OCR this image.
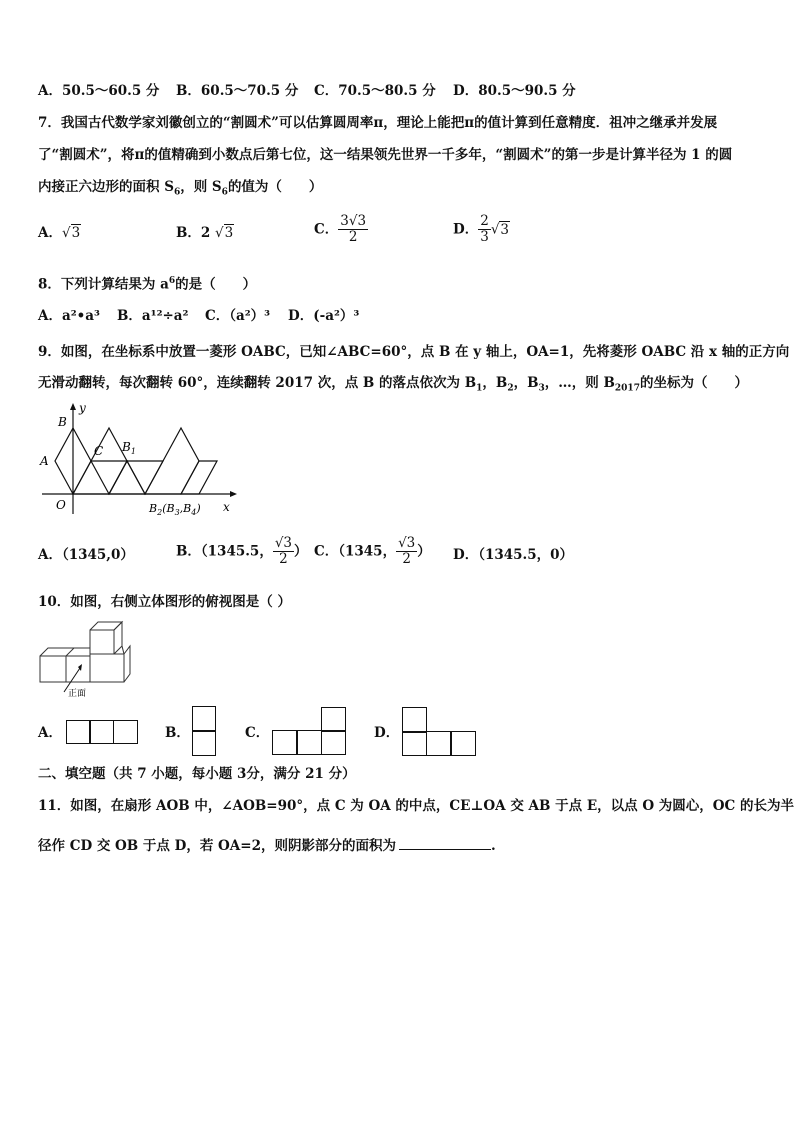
A．50.5～60.5 分 B．60.5～70.5 分 C．70.5～80.5 分 D．80.5～90.5 分
7．我国古代数学家刘徽创立的“割圆术”可以估算圆周率π，理论上能把π的值计算到任意精度．祖冲之继承并发展
了“割圆术”，将π的值精确到小数点后第七位，这一结果领先世界一千多年，“割圆术”的第一步是计算半径为 1 的圆
内接正六边形的面积 $S_6$，则 $S_6$的值为（　　）
A．√3	B．2 √3	C． $\frac{3√3}{2}$	D． $\frac{2}{3} √3$
8．下列计算结果为 $a^6$的是（　　）
A．a²•a³ B．a¹²÷a² C．（a²）³ D．(-a²）³
9．如图，在坐标系中放置一菱形 OABC，已知∠ABC=60°，点 B 在 y 轴上，OA=1，先将菱形 OABC 沿 x 轴的正方向
无滑动翻转，每次翻转 60°，连续翻转 2017 次，点 B 的落点依次为 $B_1$，$B_2$，$B_3$，…，则 $B_{2017}$的坐标为（　　）
y
B
A
C
O
$B_1$
$B_2(B_3,B_4)$ x
A．（1345,0）	B．（1345.5， $\frac{√3}{2}$ ） C．（1345， $\frac{√3}{2}$ ） D．（1345.5，0）
10．如图，右侧立体图形的俯视图是（ ）
正面
A．	B．	C．	D．
二、填空题（共 7 小题，每小题 3分，满分 21 分）
11．如图，在扇形 AOB 中，∠AOB=90°，点 C 为 OA 的中点，CE⊥OA 交 AB 于点 E，以点 O 为圆心，OC 的长为半
径作 CD 交 OB 于点 D，若 OA=2，则阴影部分的面积为	.
